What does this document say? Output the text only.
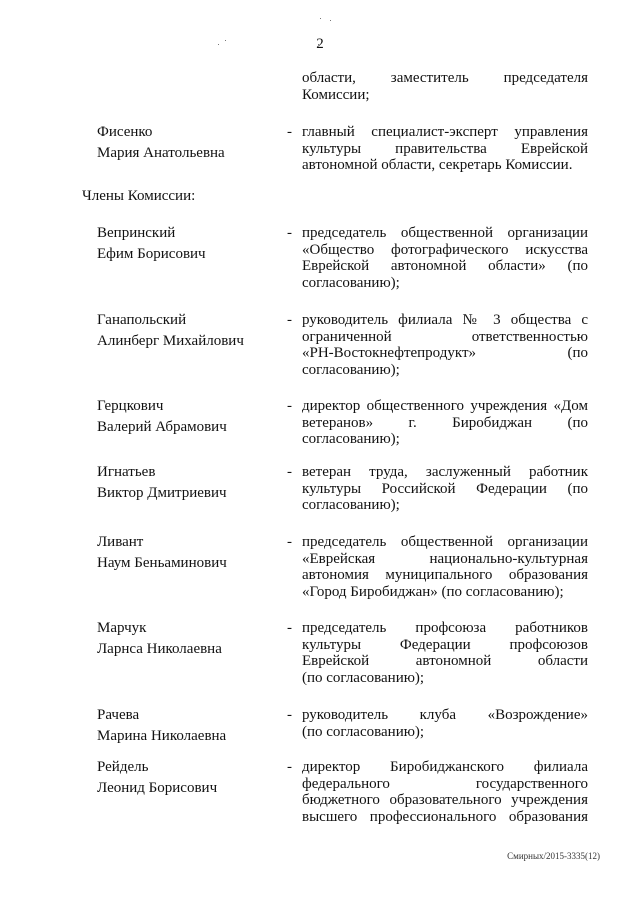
2
области, заместитель председателя
Комиссии;
Фисенко
Мария Анатольевна
- главный специалист-эксперт управления
культуры правительства Еврейской
автономной области, секретарь Комиссии.
Члены Комиссии:
Вепринский
Ефим Борисович
- председатель общественной организации
«Общество фотографического искусства
Еврейской автономной области» (по
согласованию);
Ганапольский
Алинберг Михайлович
- руководитель филиала № 3 общества с
ограниченной ответственностью
«РН-Востокнефтепродукт» (по
согласованию);
Герцкович
Валерий Абрамович
- директор общественного учреждения «Дом
ветеранов» г. Биробиджан (по
согласованию);
Игнатьев
Виктор Дмитриевич
- ветеран труда, заслуженный работник
культуры Российской Федерации (по
согласованию);
Ливант
Наум Беньаминович
- председатель общественной организации
«Еврейская национально-культурная
автономия муниципального образования
«Город Биробиджан» (по согласованию);
Марчук
Ларнса Николаевна
- председатель профсоюза работников
культуры Федерации профсоюзов
Еврейской автономной области
(по согласованию);
Рачева
Марина Николаевна
- руководитель клуба «Возрождение»
(по согласованию);
Рейдель
Леонид Борисович
- директор Биробиджанского филиала
федерального государственного
бюджетного образовательного учреждения
высшего профессионального образования
Смирных/2015-3335(12)
